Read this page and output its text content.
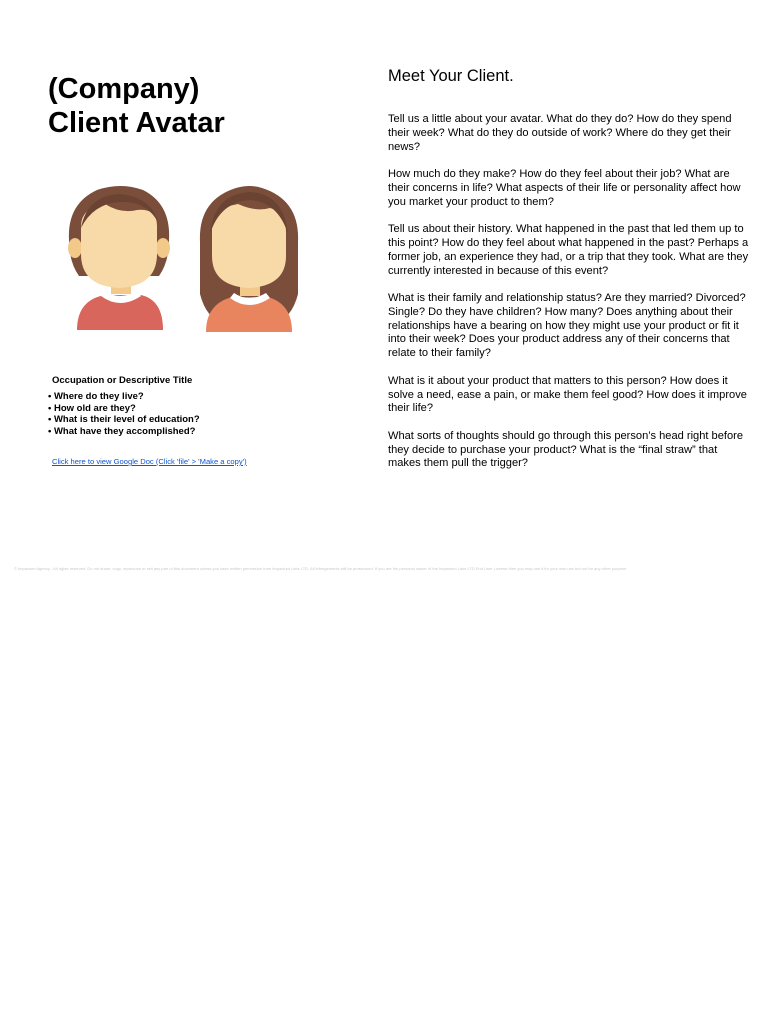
(Company)
Client Avatar

Occupation or Descriptive Title

• Where do they live?
• How old are they?
• What is their level of education?
• What have they accomplished?
Click here to view Google Doc (Click 'file' > 'Make a copy')
Meet Your Client.

Tell us a little about your avatar. What do they do? How do they spend their week? What do they do outside of work? Where do they get their news?

How much do they make? How do they feel about their job? What are their concerns in life? What aspects of their life or personality affect how you market your product to them?

Tell us about their history. What happened in the past that led them up to this point? How do they feel about what happened in the past? Perhaps a former job, an experience they had, or a trip that they took. What are they currently interested in because of this event?

What is their family and relationship status? Are they married? Divorced? Single? Do they have children? How many? Does anything about their relationships have a bearing on how they might use your product or fit it into their week? Does your product address any of their concerns that relate to their family?

What is it about your product that matters to this person? How does it solve a need, ease a pain, or make them feel good? How does it improve their life?

What sorts of thoughts should go through this person’s head right before they decide to purchase your product? What is the “final straw” that makes them pull the trigger?

© Impactum Agency - All rights reserved. Do not share, copy, reproduce or sell any part of this document unless you have written permission from Impactum Labs LTD. All infringements will be prosecuted. If you are the personal owner of the Impactum Labs LTD End User License then you may use it for your own use but not for any other purpose.
